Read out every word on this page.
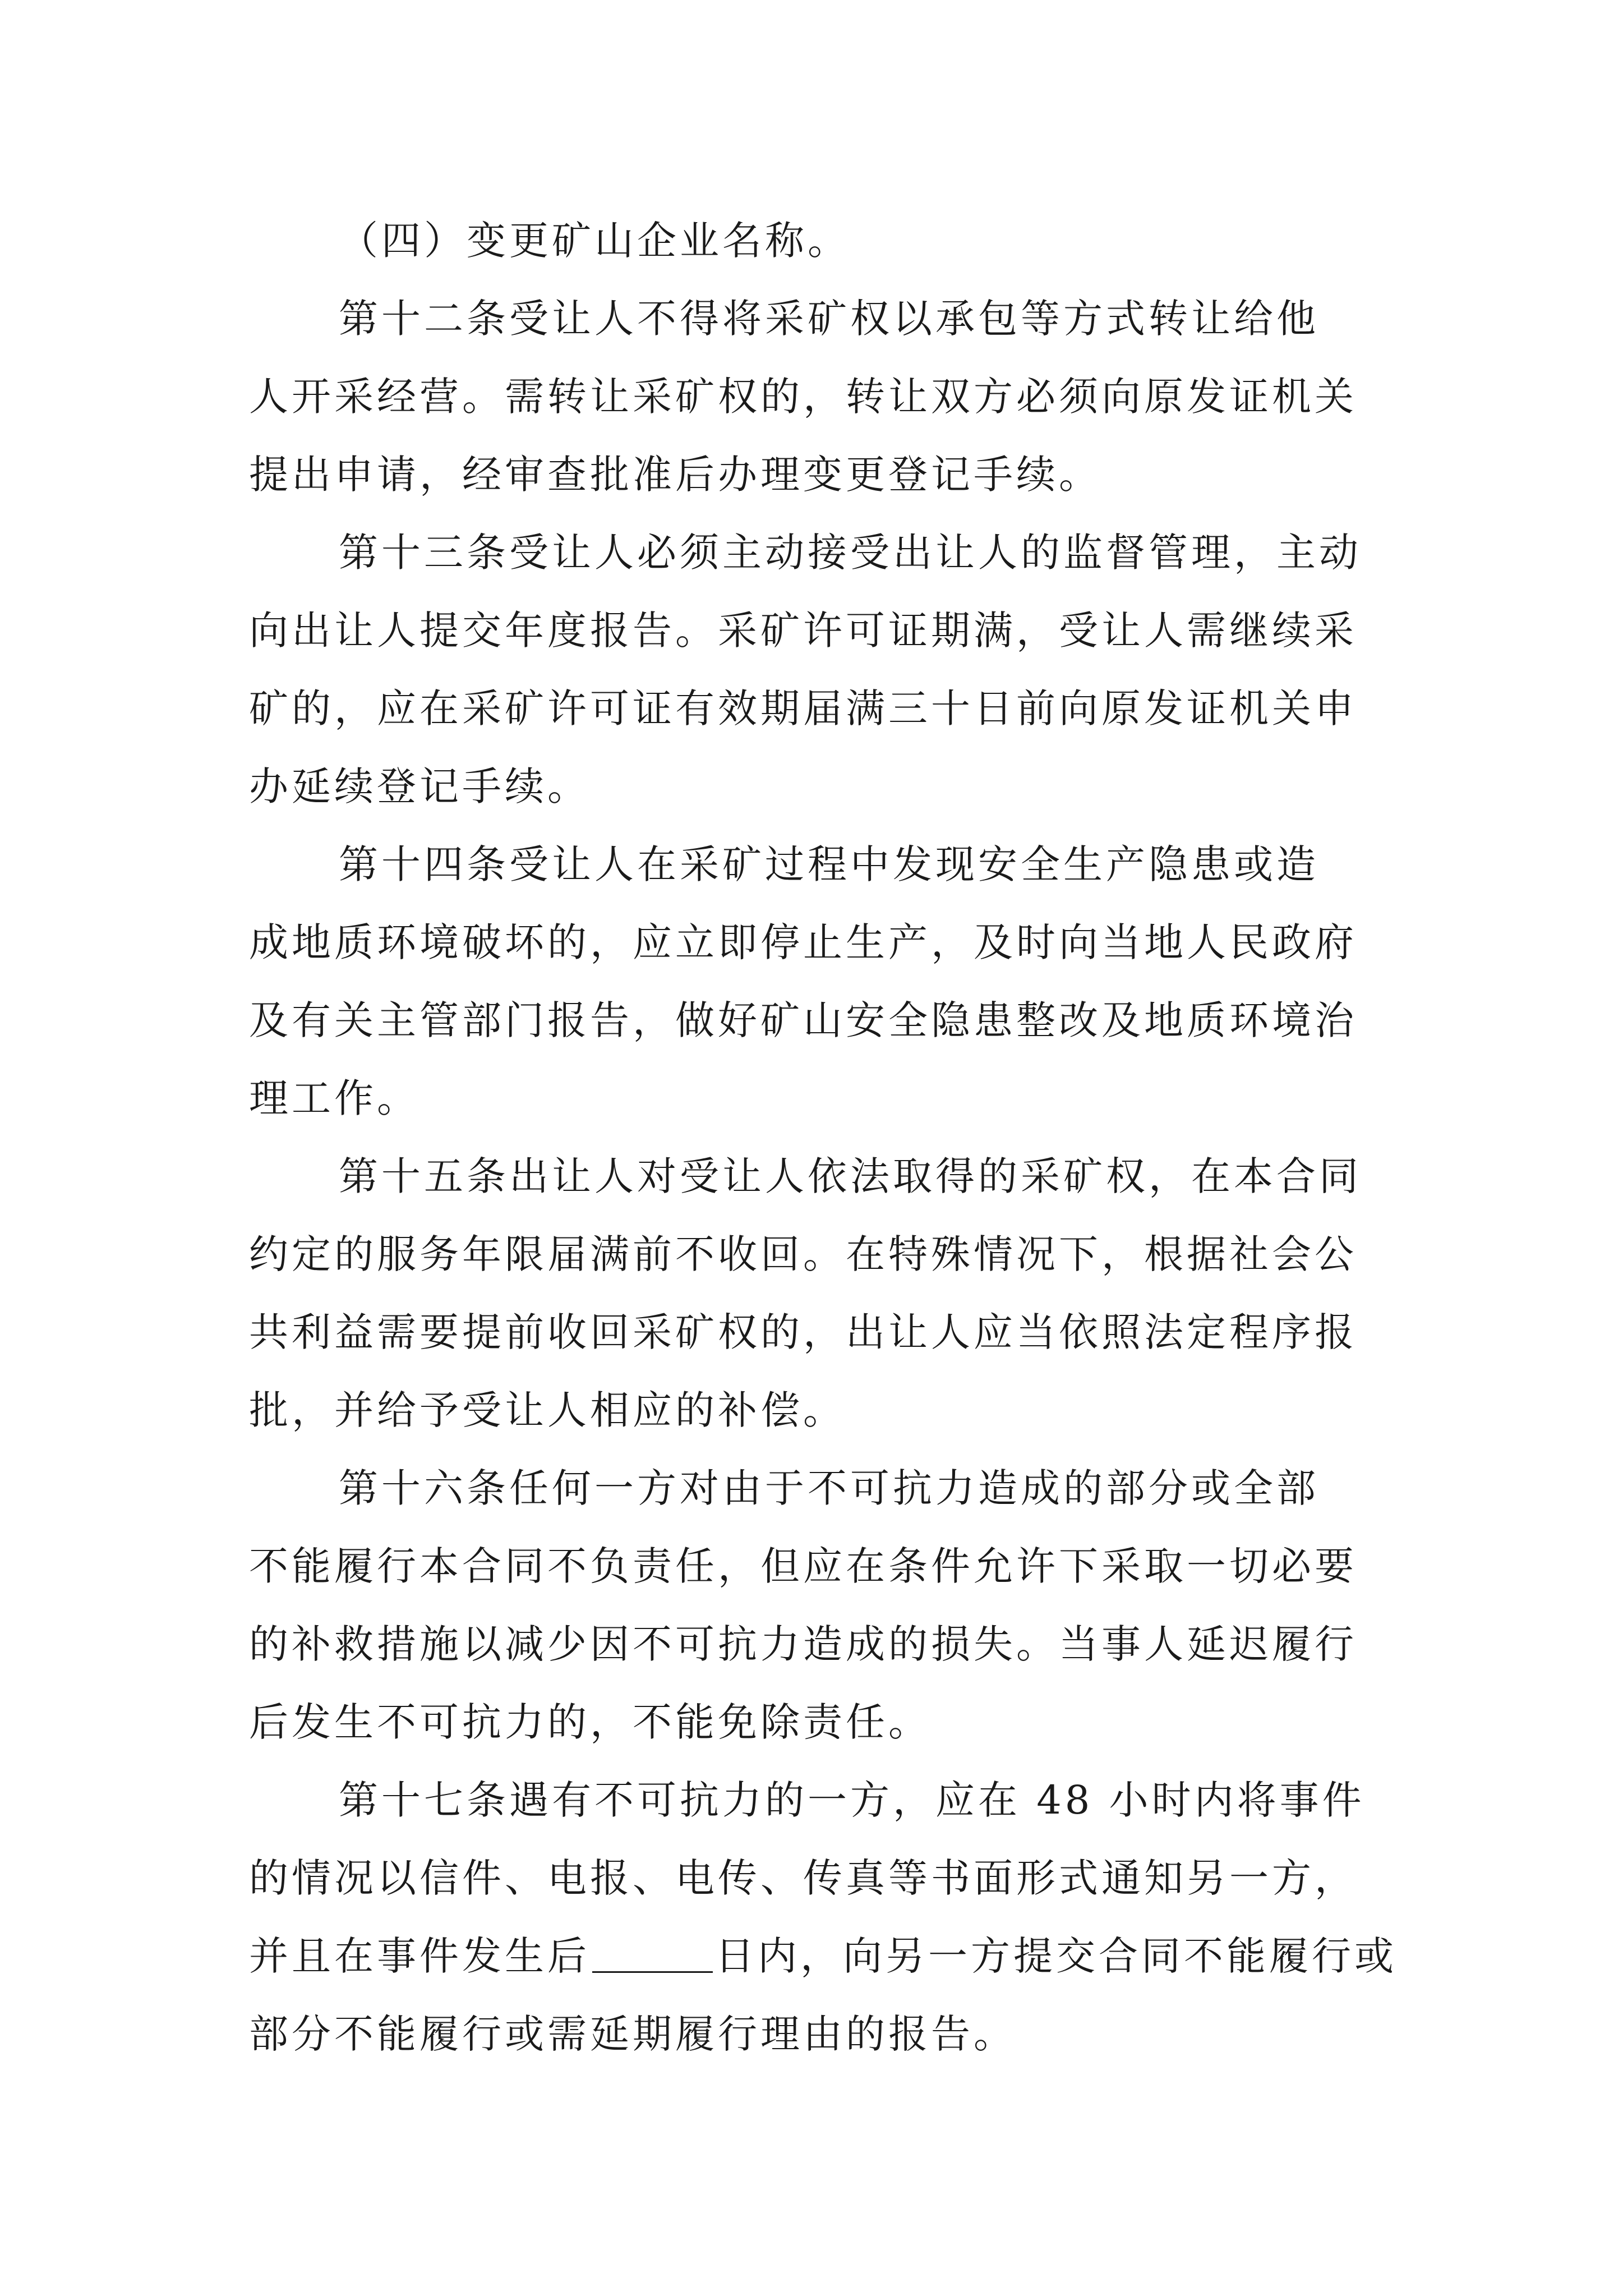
（四）变更矿山企业名称。

第十二条受让人不得将采矿权以承包等方式转让给他
人开采经营。需转让采矿权的，转让双方必须向原发证机关
提出申请，经审查批准后办理变更登记手续。

第十三条受让人必须主动接受出让人的监督管理，主动
向出让人提交年度报告。采矿许可证期满，受让人需继续采
矿的，应在采矿许可证有效期届满三十日前向原发证机关申
办延续登记手续。

第十四条受让人在采矿过程中发现安全生产隐患或造
成地质环境破坏的，应立即停止生产，及时向当地人民政府
及有关主管部门报告，做好矿山安全隐患整改及地质环境治
理工作。

第十五条出让人对受让人依法取得的采矿权，在本合同
约定的服务年限届满前不收回。在特殊情况下，根据社会公
共利益需要提前收回采矿权的，出让人应当依照法定程序报
批，并给予受让人相应的补偿。

第十六条任何一方对由于不可抗力造成的部分或全部
不能履行本合同不负责任，但应在条件允许下采取一切必要
的补救措施以减少因不可抗力造成的损失。当事人延迟履行
后发生不可抗力的，不能免除责任。

第十七条遇有不可抗力的一方，应在 48 小时内将事件
的情况以信件、电报、电传、传真等书面形式通知另一方，
并且在事件发生后	日内，向另一方提交合同不能履行或
部分不能履行或需延期履行理由的报告。
